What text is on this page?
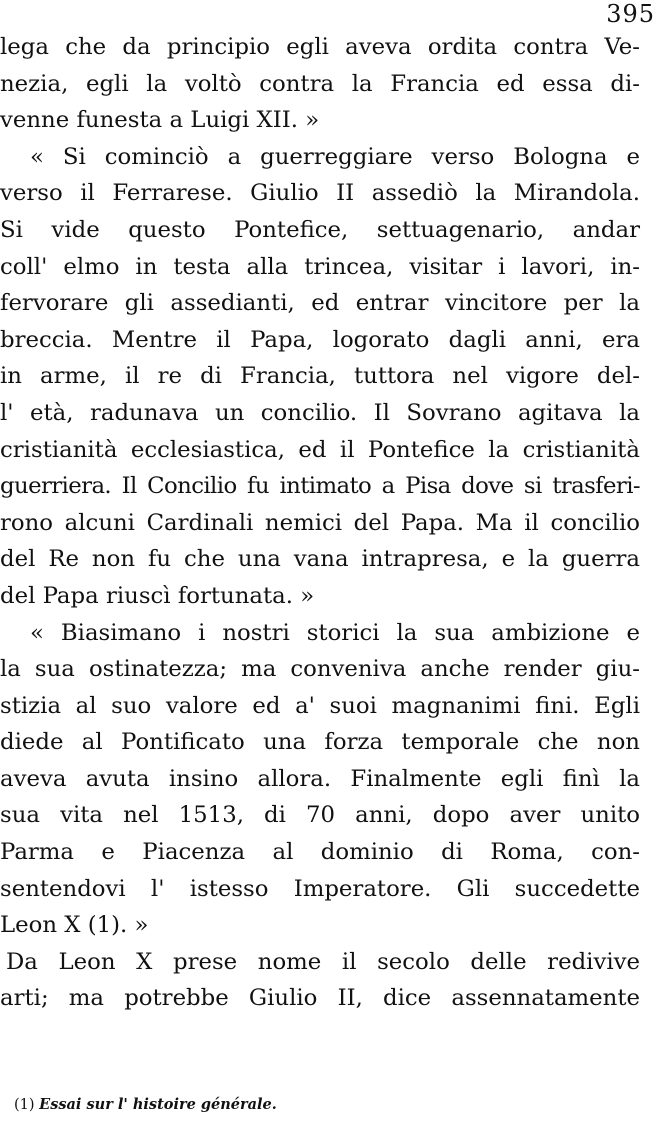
395
lega che da principio egli aveva ordita contra Ve-
nezia, egli la voltò contra la Francia ed essa di-
venne funesta a Luigi XII. »
« Si cominciò a guerreggiare verso Bologna e
verso il Ferrarese. Giulio II assediò la Mirandola.
Si vide questo Pontefice, settuagenario, andar
coll' elmo in testa alla trincea, visitar i lavori, in-
fervorare gli assedianti, ed entrar vincitore per la
breccia. Mentre il Papa, logorato dagli anni, era
in arme, il re di Francia, tuttora nel vigore del-
l' età, radunava un concilio. Il Sovrano agitava la
cristianità ecclesiastica, ed il Pontefice la cristianità
guerriera. Il Concilio fu intimato a Pisa dove si trasferi-
rono alcuni Cardinali nemici del Papa. Ma il concilio
del Re non fu che una vana intrapresa, e la guerra
del Papa riuscì fortunata. »
« Biasimano i nostri storici la sua ambizione e
la sua ostinatezza; ma conveniva anche render giu-
stizia al suo valore ed a' suoi magnanimi fini. Egli
diede al Pontificato una forza temporale che non
aveva avuta insino allora. Finalmente egli finì la
sua vita nel 1513, di 70 anni, dopo aver unito
Parma e Piacenza al dominio di Roma, con-
sentendovi l' istesso Imperatore. Gli succedette
Leon X (1). »
Da Leon X prese nome il secolo delle redivive
arti; ma potrebbe Giulio II, dice assennatamente
(1) Essai sur l' histoire générale.
